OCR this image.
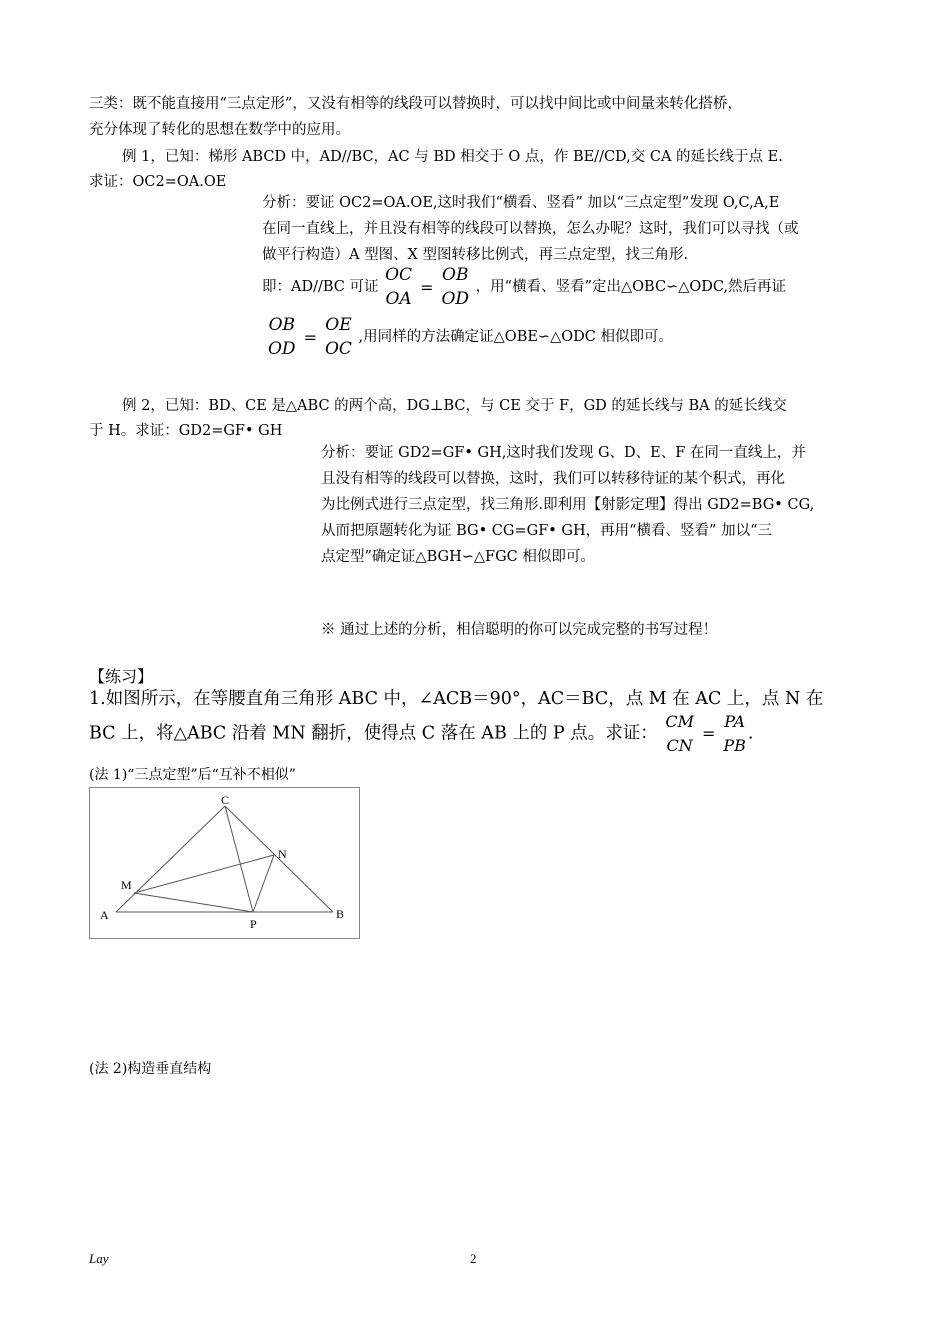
三类：既不能直接用“三点定形”，又没有相等的线段可以替换时，可以找中间比或中间量来转化搭桥，
充分体现了转化的思想在数学中的应用。
例 1，已知：梯形 ABCD 中，AD//BC，AC 与 BD 相交于 O 点，作 BE//CD,交 CA 的延长线于点 E.
求证：OC2=OA.OE

分析：要证 OC2=OA.OE,这时我们“横看、竖看” 加以“三点定型”发现 O,C,A,E

在同一直线上，并且没有相等的线段可以替换，怎么办呢？这时，我们可以寻找（或

做平行构造）A 型图、X 型图转移比例式，再三点定型，找三角形.

即：AD//BC 可证
OC
OA
=
OB
OD
，用“横看、竖看”定出△OBC∽△ODC,然后再证
OB
OD
=
OE
OC
,用同样的方法确定证△OBE∽△ODC 相似即可。
例 2，已知：BD、CE 是△ABC 的两个高，DG⊥BC，与 CE 交于 F，GD 的延长线与 BA 的延长线交
于 H。求证：GD2=GF• GH

分析：要证 GD2=GF• GH,这时我们发现 G、D、E、F 在同一直线上，并

且没有相等的线段可以替换，这时，我们可以转移待证的某个积式，再化

为比例式进行三点定型，找三角形.即利用【射影定理】得出 GD2=BG• CG,

从而把原题转化为证 BG• CG=GF• GH，再用“横看、竖看” 加以“三

点定型”确定证△BGH∽△FGC 相似即可。

※ 通过上述的分析，相信聪明的你可以完成完整的书写过程！
【练习】
1.如图所示，在等腰直角三角形 ABC 中，∠ACB＝90°，AC＝BC，点 M 在 AC 上，点 N 在
BC 上，将△ABC 沿着 MN 翻折，使得点 C 落在 AB 上的 P 点。求证：
CM
CN
=
PA
PB
.
(法 1)“三点定型”后“互补不相似”
A	B
C
M
N
P
(法 2)构造垂直结构
Lay	2
